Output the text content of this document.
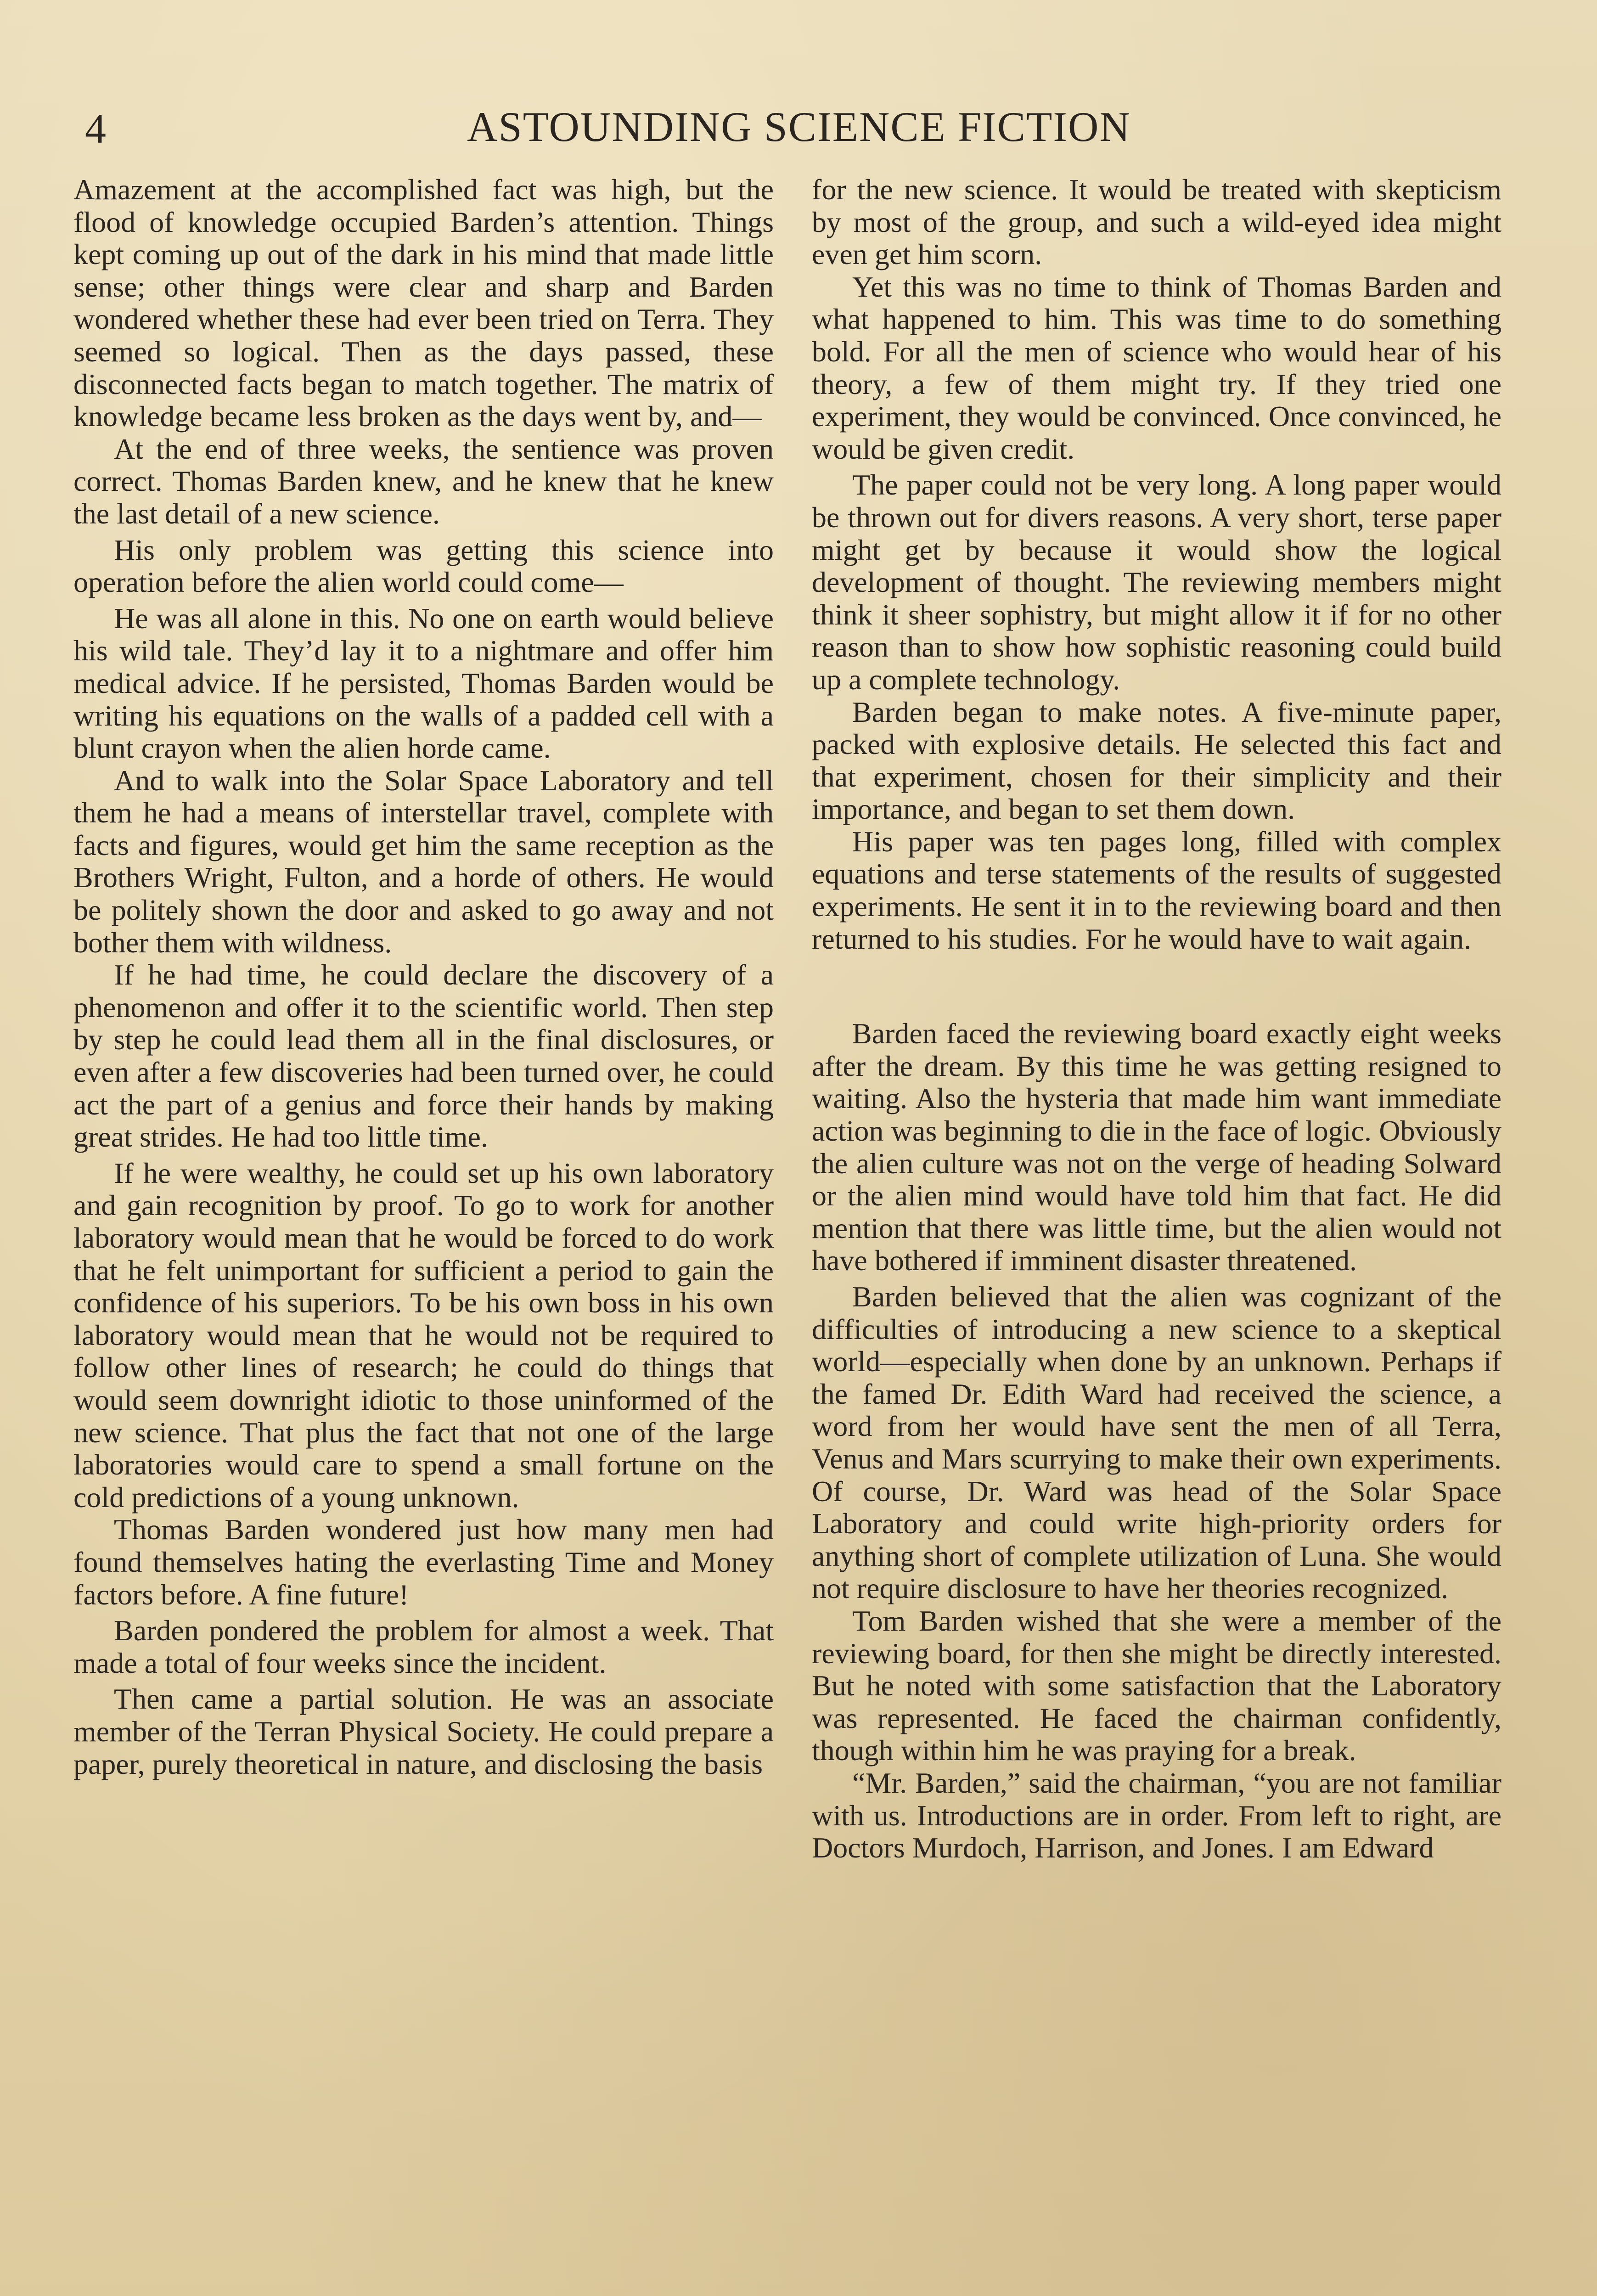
4	ASTOUNDING SCIENCE FICTION

Amazement at the accomplished fact was high, but the flood of knowledge occupied Barden’s attention. Things kept coming up out of the dark in his mind that made little sense; other things were clear and sharp and Barden wondered whether these had ever been tried on Terra. They seemed so logical. Then as the days passed, these disconnected facts began to match together. The matrix of knowledge became less broken as the days went by, and—

At the end of three weeks, the sentience was proven correct. Thomas Barden knew, and he knew that he knew the last detail of a new science.

His only problem was getting this science into operation before the alien world could come—

He was all alone in this. No one on earth would believe his wild tale. They’d lay it to a nightmare and offer him medical advice. If he persisted, Thomas Barden would be writing his equations on the walls of a padded cell with a blunt crayon when the alien horde came.

And to walk into the Solar Space Laboratory and tell them he had a means of interstellar travel, complete with facts and figures, would get him the same reception as the Brothers Wright, Fulton, and a horde of others. He would be politely shown the door and asked to go away and not bother them with wildness.

If he had time, he could declare the discovery of a phenomenon and offer it to the scientific world. Then step by step he could lead them all in the final disclosures, or even after a few discoveries had been turned over, he could act the part of a genius and force their hands by making great strides. He had too little time.

If he were wealthy, he could set up his own laboratory and gain recognition by proof. To go to work for another laboratory would mean that he would be forced to do work that he felt unimportant for sufficient a period to gain the confidence of his superiors. To be his own boss in his own laboratory would mean that he would not be required to follow other lines of research; he could do things that would seem downright idiotic to those uninformed of the new science. That plus the fact that not one of the large laboratories would care to spend a small fortune on the cold predictions of a young unknown.

Thomas Barden wondered just how many men had found themselves hating the everlasting Time and Money factors before. A fine future!

Barden pondered the problem for almost a week. That made a total of four weeks since the incident.

Then came a partial solution. He was an associate member of the Terran Physical Society. He could prepare a paper, purely theoretical in nature, and disclosing the basis

for the new science. It would be treated with skepticism by most of the group, and such a wild-eyed idea might even get him scorn.

Yet this was no time to think of Thomas Barden and what happened to him. This was time to do something bold. For all the men of science who would hear of his theory, a few of them might try. If they tried one experiment, they would be convinced. Once convinced, he would be given credit.

The paper could not be very long. A long paper would be thrown out for divers reasons. A very short, terse paper might get by because it would show the logical development of thought. The reviewing members might think it sheer sophistry, but might allow it if for no other reason than to show how sophistic reasoning could build up a complete technology.

Barden began to make notes. A five-minute paper, packed with explosive details. He selected this fact and that experiment, chosen for their simplicity and their importance, and began to set them down.

His paper was ten pages long, filled with complex equations and terse statements of the results of suggested experiments. He sent it in to the reviewing board and then returned to his studies. For he would have to wait again.

Barden faced the reviewing board exactly eight weeks after the dream. By this time he was getting resigned to waiting. Also the hysteria that made him want immediate action was beginning to die in the face of logic. Obviously the alien culture was not on the verge of heading Solward or the alien mind would have told him that fact. He did mention that there was little time, but the alien would not have bothered if imminent disaster threatened.

Barden believed that the alien was cognizant of the difficulties of introducing a new science to a skeptical world—especially when done by an unknown. Perhaps if the famed Dr. Edith Ward had received the science, a word from her would have sent the men of all Terra, Venus and Mars scurrying to make their own experiments. Of course, Dr. Ward was head of the Solar Space Laboratory and could write high-priority orders for anything short of complete utilization of Luna. She would not require disclosure to have her theories recognized.

Tom Barden wished that she were a member of the reviewing board, for then she might be directly interested. But he noted with some satisfaction that the Laboratory was represented. He faced the chairman confidently, though within him he was praying for a break.

“Mr. Barden,” said the chairman, “you are not familiar with us. Introductions are in order. From left to right, are Doctors Murdoch, Harrison, and Jones. I am Edward
